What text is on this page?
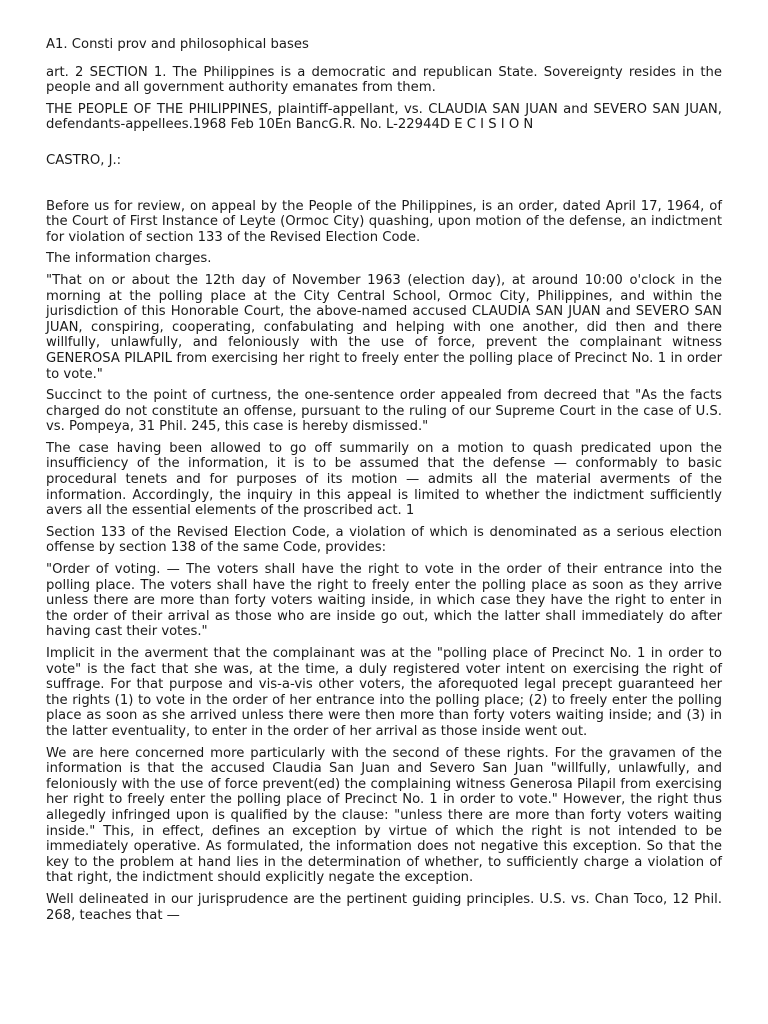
A1. Consti prov and philosophical bases

art. 2 SECTION 1. The Philippines is a democratic and republican State. Sovereignty resides in the people and all government authority emanates from them.

THE PEOPLE OF THE PHILIPPINES, plaintiff-appellant, vs. CLAUDIA SAN JUAN and SEVERO SAN JUAN, defendants-appellees.1968 Feb 10En BancG.R. No. L-22944D E C I S I O N

CASTRO, J.:

Before us for review, on appeal by the People of the Philippines, is an order, dated April 17, 1964, of the Court of First Instance of Leyte (Ormoc City) quashing, upon motion of the defense, an indictment for violation of section 133 of the Revised Election Code.

The information charges.

"That on or about the 12th day of November 1963 (election day), at around 10:00 o'clock in the morning at the polling place at the City Central School, Ormoc City, Philippines, and within the jurisdiction of this Honorable Court, the above-named accused CLAUDIA SAN JUAN and SEVERO SAN JUAN, conspiring, cooperating, confabulating and helping with one another, did then and there willfully, unlawfully, and feloniously with the use of force, prevent the complainant witness GENEROSA PILAPIL from exercising her right to freely enter the polling place of Precinct No. 1 in order to vote."

Succinct to the point of curtness, the one-sentence order appealed from decreed that "As the facts charged do not constitute an offense, pursuant to the ruling of our Supreme Court in the case of U.S. vs. Pompeya, 31 Phil. 245, this case is hereby dismissed."

The case having been allowed to go off summarily on a motion to quash predicated upon the insufficiency of the information, it is to be assumed that the defense — conformably to basic procedural tenets and for purposes of its motion — admits all the material averments of the information. Accordingly, the inquiry in this appeal is limited to whether the indictment sufficiently avers all the essential elements of the proscribed act. 1

Section 133 of the Revised Election Code, a violation of which is denominated as a serious election offense by section 138 of the same Code, provides:

"Order of voting. — The voters shall have the right to vote in the order of their entrance into the polling place. The voters shall have the right to freely enter the polling place as soon as they arrive unless there are more than forty voters waiting inside, in which case they have the right to enter in the order of their arrival as those who are inside go out, which the latter shall immediately do after having cast their votes."

Implicit in the averment that the complainant was at the "polling place of Precinct No. 1 in order to vote" is the fact that she was, at the time, a duly registered voter intent on exercising the right of suffrage. For that purpose and vis-a-vis other voters, the aforequoted legal precept guaranteed her the rights (1) to vote in the order of her entrance into the polling place; (2) to freely enter the polling place as soon as she arrived unless there were then more than forty voters waiting inside; and (3) in the latter eventuality, to enter in the order of her arrival as those inside went out.

We are here concerned more particularly with the second of these rights. For the gravamen of the information is that the accused Claudia San Juan and Severo San Juan "willfully, unlawfully, and feloniously with the use of force prevent(ed) the complaining witness Generosa Pilapil from exercising her right to freely enter the polling place of Precinct No. 1 in order to vote." However, the right thus allegedly infringed upon is qualified by the clause: "unless there are more than forty voters waiting inside." This, in effect, defines an exception by virtue of which the right is not intended to be immediately operative. As formulated, the information does not negative this exception. So that the key to the problem at hand lies in the determination of whether, to sufficiently charge a violation of that right, the indictment should explicitly negate the exception.

Well delineated in our jurisprudence are the pertinent guiding principles. U.S. vs. Chan Toco, 12 Phil. 268, teaches that —
